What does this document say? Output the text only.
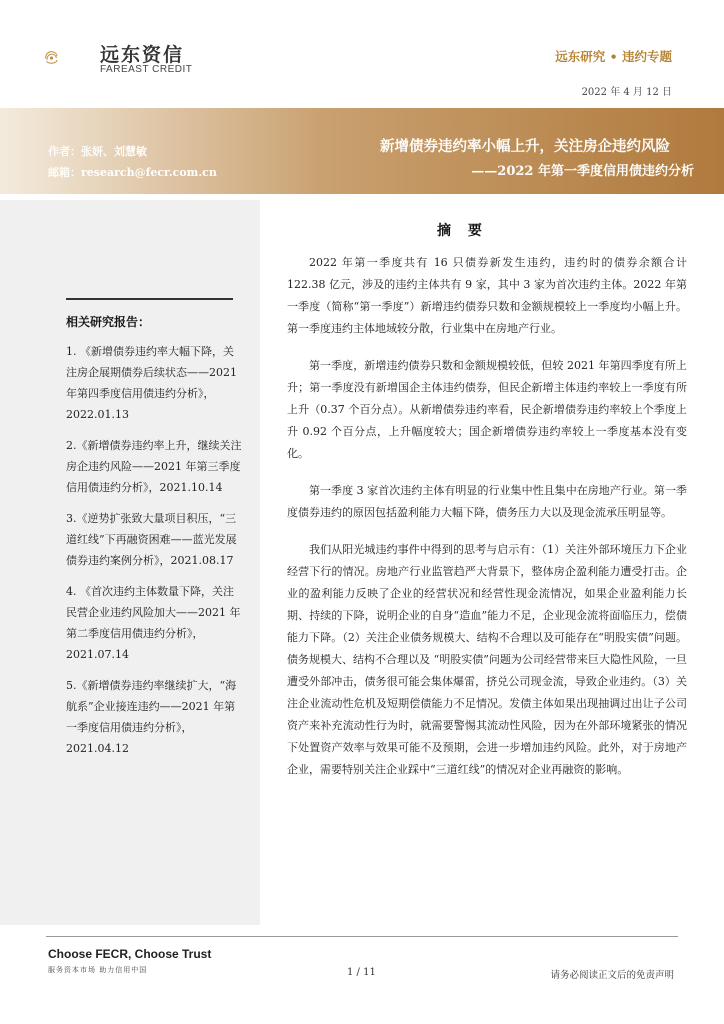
远东资信
FAREAST CREDIT
远东研究 • 违约专题
2022 年 4 月 12 日
作者：张妍、刘慧敏
邮箱：research@fecr.com.cn
新增债券违约率小幅上升，关注房企违约风险
——2022 年第一季度信用债违约分析
相关研究报告：
1. 《新增债券违约率大幅下降，关注房企展期债券后续状态——2021 年第四季度信用债违约分析》，2022.01.13
2.《新增债券违约率上升，继续关注房企违约风险——2021 年第三季度信用债违约分析》，2021.10.14
3.《逆势扩张致大量项目积压，“三道红线”下再融资困难——蓝光发展债券违约案例分析》，2021.08.17
4. 《首次违约主体数量下降，关注民营企业违约风险加大——2021 年第二季度信用债违约分析》，2021.07.14
5.《新增债券违约率继续扩大，“海航系”企业接连违约——2021 年第一季度信用债违约分析》，2021.04.12
摘 要

2022 年第一季度共有 16 只债券新发生违约，违约时的债券余额合计 122.38 亿元，涉及的违约主体共有 9 家，其中 3 家为首次违约主体。2022 年第一季度（简称“第一季度”）新增违约债券只数和金额规模较上一季度均小幅上升。第一季度违约主体地域较分散，行业集中在房地产行业。

第一季度，新增违约债券只数和金额规模较低，但较 2021 年第四季度有所上升；第一季度没有新增国企主体违约债券，但民企新增主体违约率较上一季度有所上升（0.37 个百分点）。从新增债券违约率看，民企新增债券违约率较上个季度上升 0.92 个百分点，上升幅度较大；国企新增债券违约率较上一季度基本没有变化。

第一季度 3 家首次违约主体有明显的行业集中性且集中在房地产行业。第一季度债券违约的原因包括盈利能力大幅下降，债务压力大以及现金流承压明显等。

我们从阳光城违约事件中得到的思考与启示有：（1）关注外部环境压力下企业经营下行的情况。房地产行业监管趋严大背景下，整体房企盈利能力遭受打击。企业的盈利能力反映了企业的经营状况和经营性现金流情况，如果企业盈利能力长期、持续的下降，说明企业的自身“造血”能力不足，企业现金流将面临压力，偿债能力下降。（2）关注企业债务规模大、结构不合理以及可能存在“明股实债”问题。债务规模大、结构不合理以及 “明股实债”问题为公司经营带来巨大隐性风险，一旦遭受外部冲击，债务很可能会集体爆雷，挤兑公司现金流，导致企业违约。（3）关注企业流动性危机及短期偿债能力不足情况。发债主体如果出现抽调过出让子公司资产来补充流动性行为时，就需要警惕其流动性风险，因为在外部环境紧张的情况下处置资产效率与效果可能不及预期，会进一步增加违约风险。此外，对于房地产企业，需要特别关注企业踩中“三道红线”的情况对企业再融资的影响。

Choose FECR, Choose Trust
服务资本市场 助力信用中国	1 / 11	请务必阅读正文后的免责声明
